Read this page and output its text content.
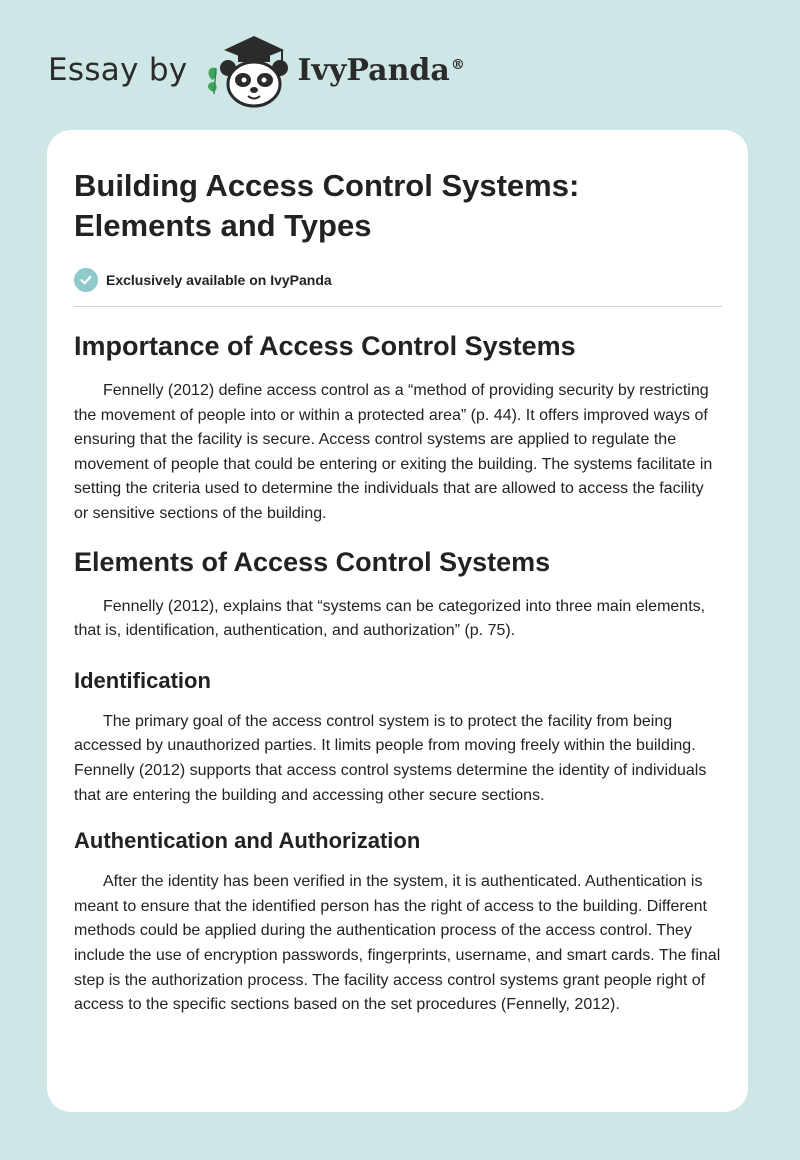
Essay by	IvyPanda®
Building Access Control Systems:
Elements and Types
Exclusively available on IvyPanda
Importance of Access Control Systems

Fennelly (2012) define access control as a “method of providing security by restricting the movement of people into or within a protected area” (p. 44). It offers improved ways of ensuring that the facility is secure. Access control systems are applied to regulate the movement of people that could be entering or exiting the building. The systems facilitate in setting the criteria used to determine the individuals that are allowed to access the facility or sensitive sections of the building.

Elements of Access Control Systems

Fennelly (2012), explains that “systems can be categorized into three main elements, that is, identification, authentication, and authorization” (p. 75).

Identification

The primary goal of the access control system is to protect the facility from being accessed by unauthorized parties. It limits people from moving freely within the building. Fennelly (2012) supports that access control systems determine the identity of individuals that are entering the building and accessing other secure sections.

Authentication and Authorization

After the identity has been verified in the system, it is authenticated. Authentication is meant to ensure that the identified person has the right of access to the building. Different methods could be applied during the authentication process of the access control. They include the use of encryption passwords, fingerprints, username, and smart cards. The final step is the authorization process. The facility access control systems grant people right of access to the specific sections based on the set procedures (Fennelly, 2012).
